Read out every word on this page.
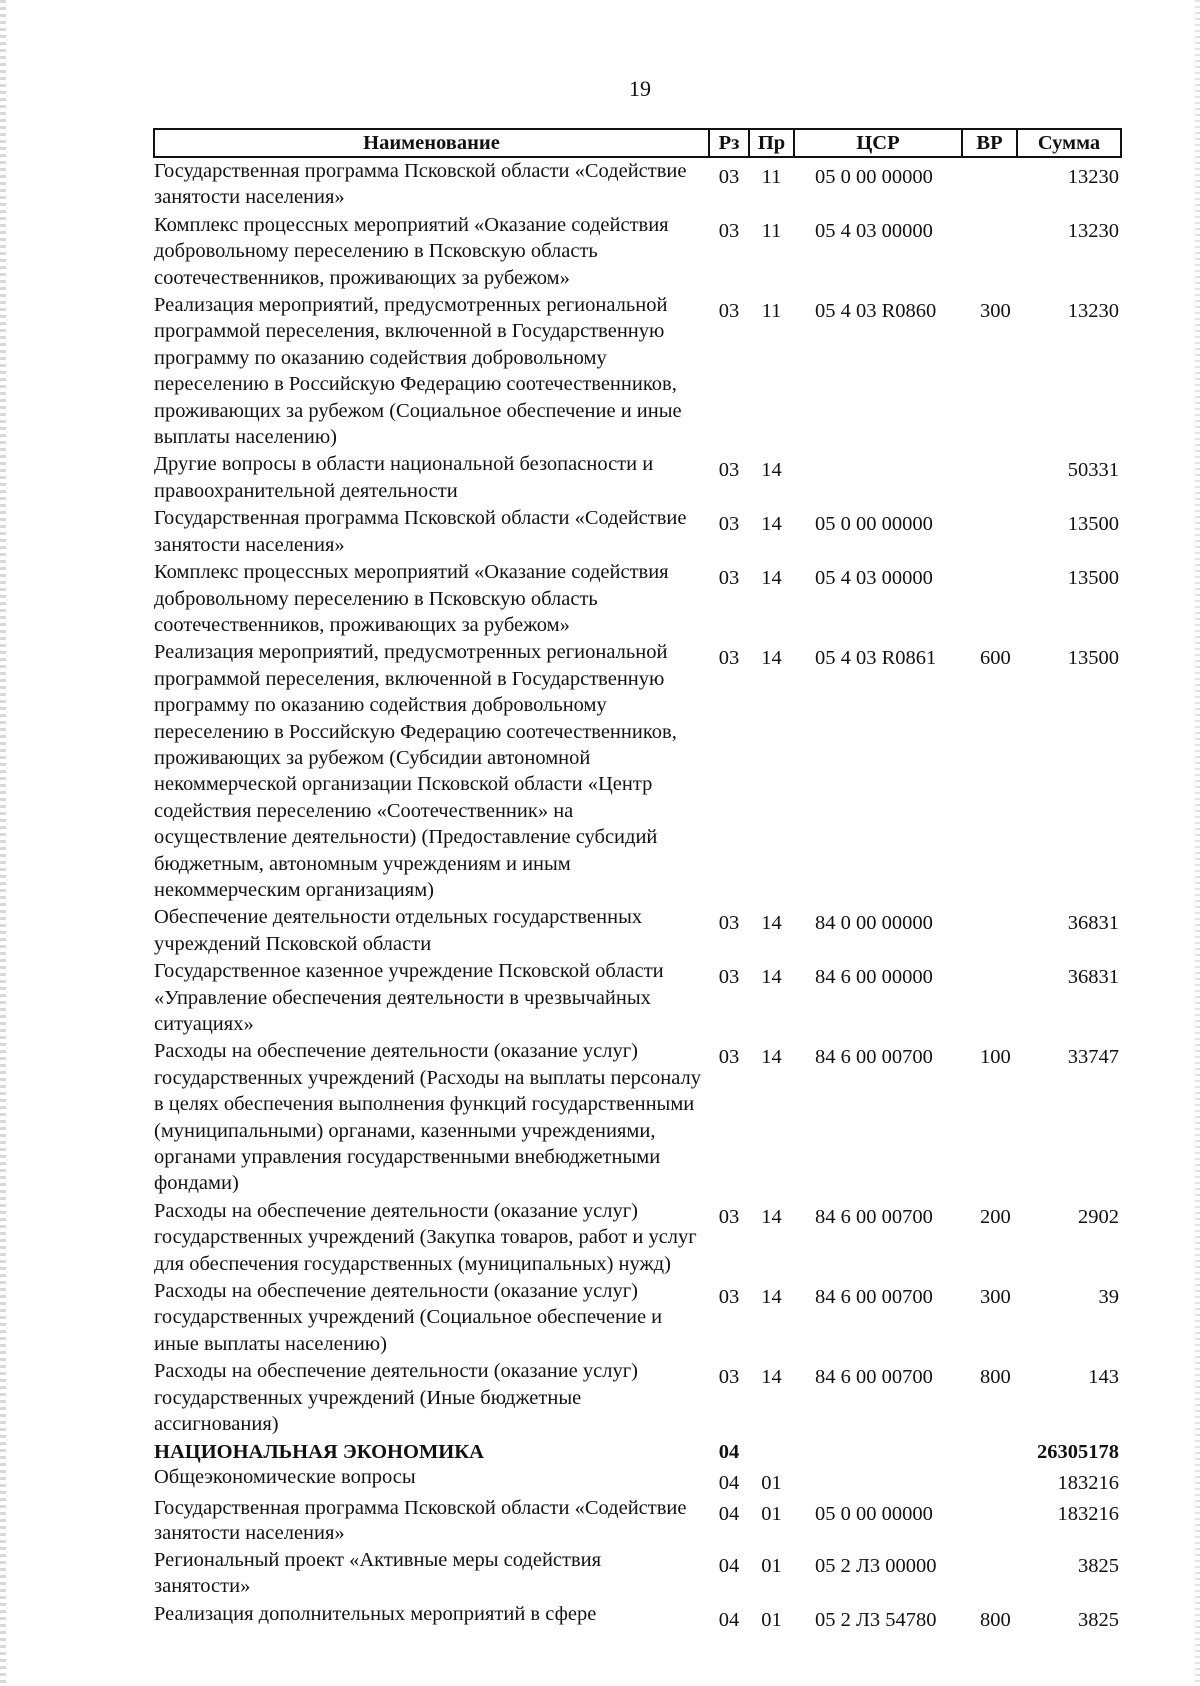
19
Наименование	Рз	Пр	ЦСР	ВР	Сумма
Государственная программа Псковской области «Содействие занятости населения»	03	11	05 0 00 00000		13230
Комплекс процессных мероприятий «Оказание содействия добровольному переселению в Псковскую область соотечественников, проживающих за рубежом»	03	11	05 4 03 00000		13230
Реализация мероприятий, предусмотренных региональной программой переселения, включенной в Государственную программу по оказанию содействия добровольному переселению в Российскую Федерацию соотечественников, проживающих за рубежом (Социальное обеспечение и иные выплаты населению)	03	11	05 4 03 R0860	300	13230
Другие вопросы в области национальной безопасности и правоохранительной деятельности	03	14			50331
Государственная программа Псковской области «Содействие занятости населения»	03	14	05 0 00 00000		13500
Комплекс процессных мероприятий «Оказание содействия добровольному переселению в Псковскую область соотечественников, проживающих за рубежом»	03	14	05 4 03 00000		13500
Реализация мероприятий, предусмотренных региональной программой переселения, включенной в Государственную программу по оказанию содействия добровольному переселению в Российскую Федерацию соотечественников, проживающих за рубежом (Субсидии автономной некоммерческой организации Псковской области «Центр содействия переселению «Соотечественник» на осуществление деятельности) (Предоставление субсидий бюджетным, автономным учреждениям и иным некоммерческим организациям)	03	14	05 4 03 R0861	600	13500
Обеспечение деятельности отдельных государственных учреждений Псковской области	03	14	84 0 00 00000		36831
Государственное казенное учреждение Псковской области «Управление обеспечения деятельности в чрезвычайных ситуациях»	03	14	84 6 00 00000		36831
Расходы на обеспечение деятельности (оказание услуг) государственных учреждений (Расходы на выплаты персоналу в целях обеспечения выполнения функций государственными (муниципальными) органами, казенными учреждениями, органами управления государственными внебюджетными фондами)	03	14	84 6 00 00700	100	33747
Расходы на обеспечение деятельности (оказание услуг) государственных учреждений (Закупка товаров, работ и услуг для обеспечения государственных (муниципальных) нужд)	03	14	84 6 00 00700	200	2902
Расходы на обеспечение деятельности (оказание услуг) государственных учреждений (Социальное обеспечение и иные выплаты населению)	03	14	84 6 00 00700	300	39
Расходы на обеспечение деятельности (оказание услуг) государственных учреждений (Иные бюджетные ассигнования)	03	14	84 6 00 00700	800	143
НАЦИОНАЛЬНАЯ ЭКОНОМИКА	04				26305178
Общеэкономические вопросы	04	01			183216
Государственная программа Псковской области «Содействие занятости населения»	04	01	05 0 00 00000		183216
Региональный проект «Активные меры содействия занятости»	04	01	05 2 Л3 00000		3825
Реализация дополнительных мероприятий в сфере	04	01	05 2 Л3 54780	800	3825
